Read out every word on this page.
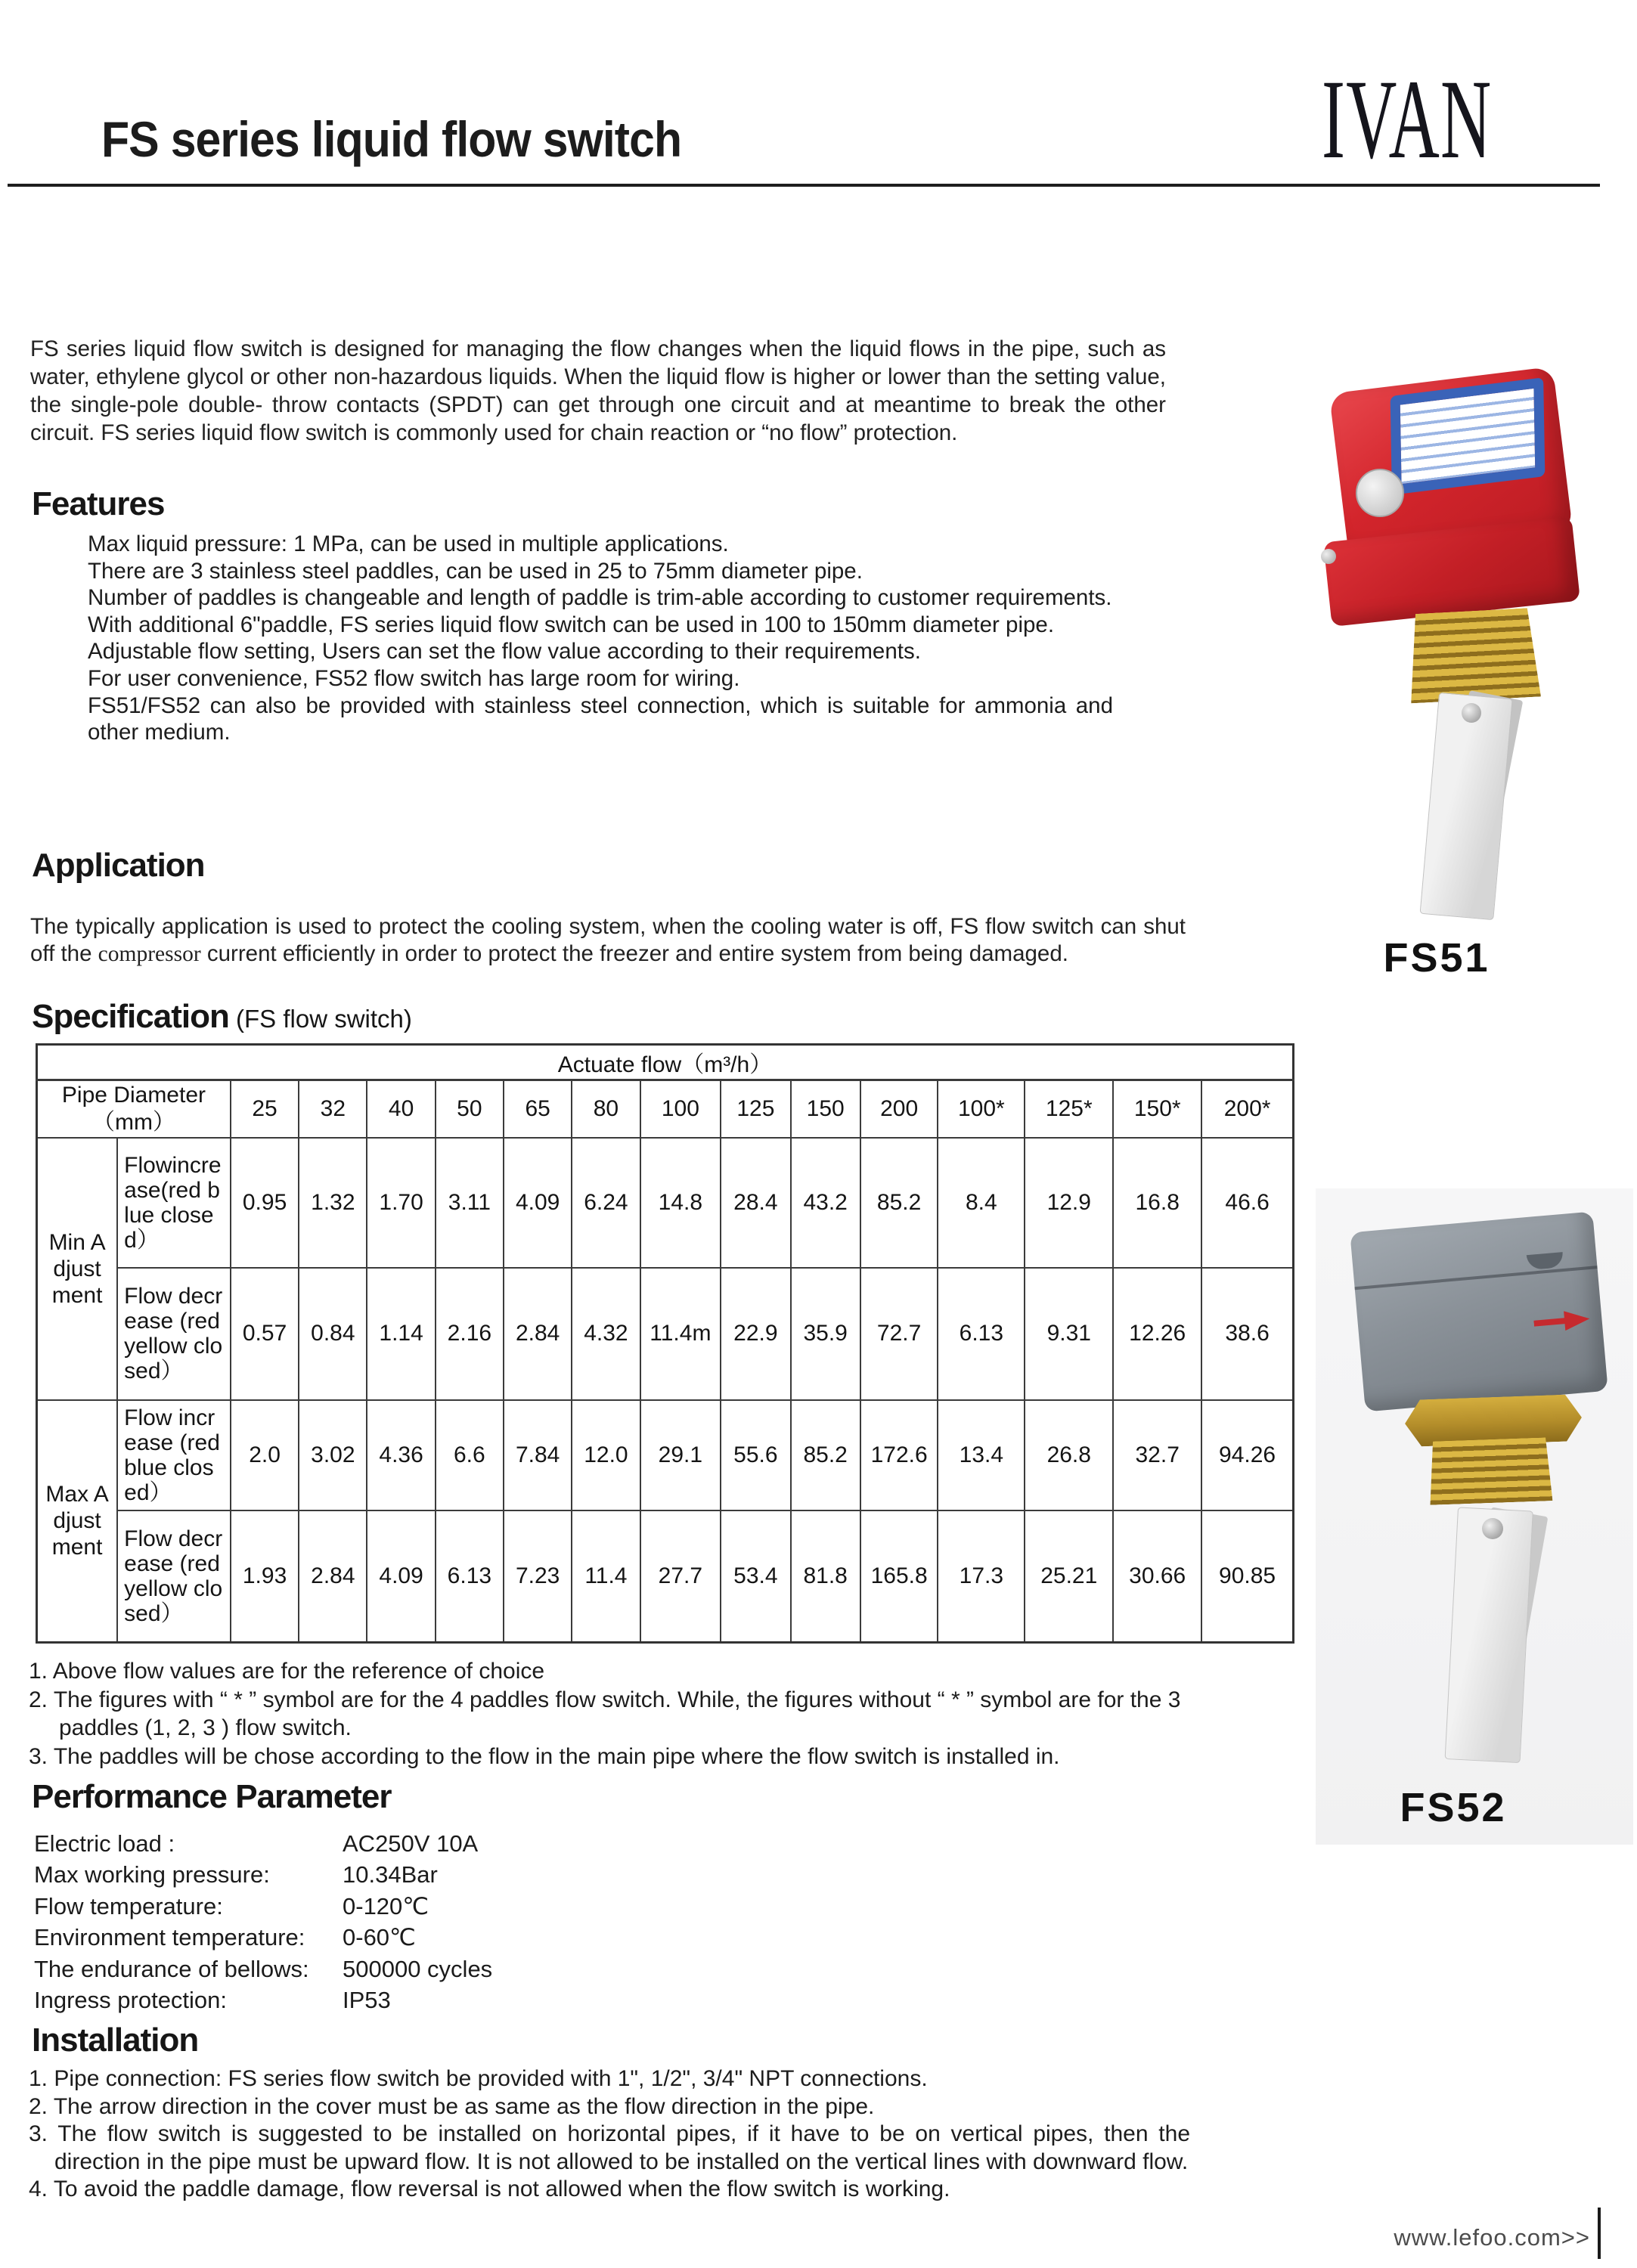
FS series liquid flow switch	IVAN

FS series liquid flow switch is designed for managing the flow changes when the liquid flows in the pipe, such as water, ethylene glycol or other non-hazardous liquids. When the liquid flow is higher or lower than the setting value, the single-pole double- throw contacts (SPDT) can get through one circuit and at meantime to break the other circuit. FS series liquid flow switch is commonly used for chain reaction or “no flow” protection.

Features
Max liquid pressure: 1 MPa, can be used in multiple applications.
There are 3 stainless steel paddles, can be used in 25 to 75mm diameter pipe.
Number of paddles is changeable and length of paddle is trim-able according to customer requirements.
With additional 6"paddle, FS series liquid flow switch can be used in 100 to 150mm diameter pipe.
Adjustable flow setting, Users can set the flow value according to their requirements.
For user convenience, FS52 flow switch has large room for wiring.
FS51/FS52 can also be provided with stainless steel connection, which is suitable for ammonia and other medium.
Application

The typically application is used to protect the cooling system, when the cooling water is off, FS flow switch can shut off the compressor current efficiently in order to protect the freezer and entire system from being damaged.

Specification (FS flow switch)
Actuate flow（m³/h）															
Pipe Diameter（mm）		25	32	40	50	65	80	100	125	150	200	100*	125*	150*	200*
Min Adjustment	Flowincrease(red blue closed）	0.95	1.32	1.70	3.11	4.09	6.24	14.8	28.4	43.2	85.2	8.4	12.9	16.8	46.6
	Flow decrease (red yellow closed）	0.57	0.84	1.14	2.16	2.84	4.32	11.4m	22.9	35.9	72.7	6.13	9.31	12.26	38.6
Max Adjustment	Flow increase (red blue closed）	2.0	3.02	4.36	6.6	7.84	12.0	29.1	55.6	85.2	172.6	13.4	26.8	32.7	94.26
	Flow decrease (red yellow closed）	1.93	2.84	4.09	6.13	7.23	11.4	27.7	53.4	81.8	165.8	17.3	25.21	30.66	90.85
1. Above flow values are for the reference of choice
2. The figures with “ * ” symbol are for the 4 paddles flow switch. While, the figures without “ * ” symbol are for the 3 paddles (1, 2, 3 ) flow switch.
3. The paddles will be chose according to the flow in the main pipe where the flow switch is installed in.
Performance Parameter
Electric load :	AC250V 10A
Max working pressure:	10.34Bar
Flow temperature:	0-120℃
Environment temperature:	0-60℃
The endurance of bellows:	500000 cycles
Ingress protection:	IP53
Installation
1. Pipe connection: FS series flow switch be provided with 1", 1/2", 3/4" NPT connections.
2. The arrow direction in the cover must be as same as the flow direction in the pipe.
3. The flow switch is suggested to be installed on horizontal pipes, if it have to be on vertical pipes, then the direction in the pipe must be upward flow. It is not allowed to be installed on the vertical lines with downward flow.
4. To avoid the paddle damage, flow reversal is not allowed when the flow switch is working.
FS51
FS52
www.lefoo.com>>
